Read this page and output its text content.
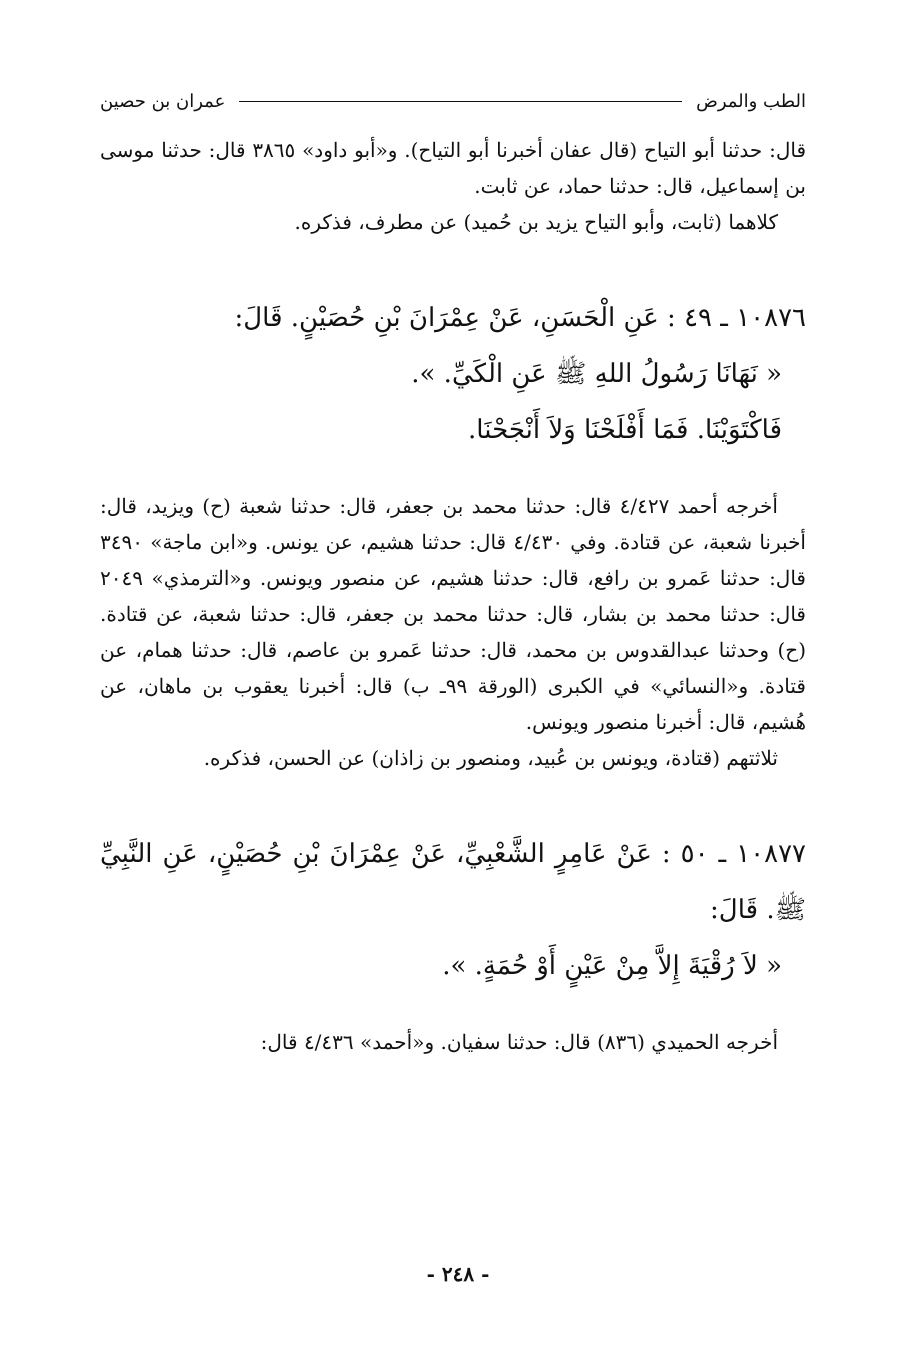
الطب والمرض
عمران بن حصين

قال: حدثنا أبو التياح (قال عفان أخبرنا أبو التياح). و«أبو داود» ٣٨٦٥ قال: حدثنا موسى بن إسماعيل، قال: حدثنا حماد، عن ثابت.

كلاهما (ثابت، وأبو التياح يزيد بن حُميد) عن مطرف، فذكره.

١٠٨٧٦ ـ ٤٩ : عَنِ الْحَسَنِ، عَنْ عِمْرَانَ بْنِ حُصَيْنٍ. قَالَ:

« نَهَانَا رَسُولُ اللهِ ﷺ عَنِ الْكَيِّ. ».

فَاكْتَوَيْنَا. فَمَا أَفْلَحْنَا وَلاَ أَنْجَحْنَا.

أخرجه أحمد ٤/٤٢٧ قال: حدثنا محمد بن جعفر، قال: حدثنا شعبة (ح) ويزيد، قال: أخبرنا شعبة، عن قتادة. وفي ٤/٤٣٠ قال: حدثنا هشيم، عن يونس. و«ابن ماجة» ٣٤٩٠ قال: حدثنا عَمرو بن رافع، قال: حدثنا هشيم، عن منصور ويونس. و«الترمذي» ٢٠٤٩ قال: حدثنا محمد بن بشار، قال: حدثنا محمد بن جعفر، قال: حدثنا شعبة، عن قتادة. (ح) وحدثنا عبدالقدوس بن محمد، قال: حدثنا عَمرو بن عاصم، قال: حدثنا همام، عن قتادة. و«النسائي» في الكبرى (الورقة ٩٩ـ ب) قال: أخبرنا يعقوب بن ماهان، عن هُشيم، قال: أخبرنا منصور ويونس.

ثلاثتهم (قتادة، ويونس بن عُبيد، ومنصور بن زاذان) عن الحسن، فذكره.

١٠٨٧٧ ـ ٥٠ : عَنْ عَامِرٍ الشَّعْبِيِّ، عَنْ عِمْرَانَ بْنِ حُصَيْنٍ، عَنِ النَّبِيِّ ﷺ. قَالَ:

« لاَ رُقْيَةَ إِلاَّ مِنْ عَيْنٍ أَوْ حُمَةٍ. ».

أخرجه الحميدي (٨٣٦) قال: حدثنا سفيان. و«أحمد» ٤/٤٣٦ قال:

- ٢٤٨ -
